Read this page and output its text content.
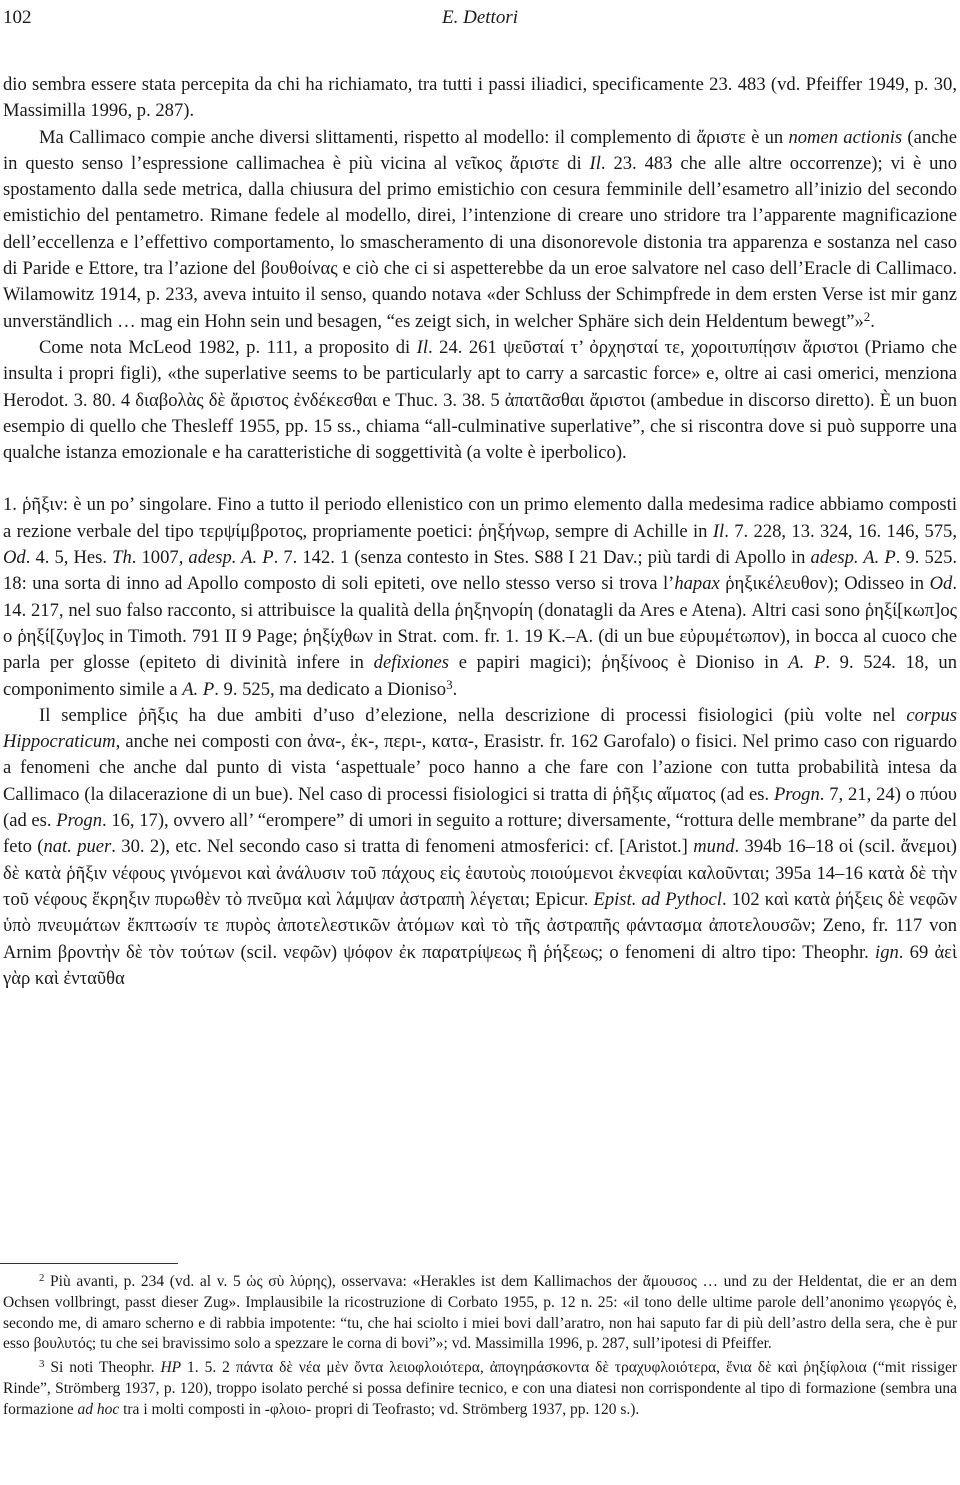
102	E. Dettori

dio sembra essere stata percepita da chi ha richiamato, tra tutti i passi iliadici, specificamente 23. 483 (vd. Pfeiffer 1949, p. 30, Massimilla 1996, p. 287).

Ma Callimaco compie anche diversi slittamenti, rispetto al modello: il complemento di ἄριστε è un nomen actionis (anche in questo senso l’espressione callimachea è più vicina al νεῖκος ἄριστε di Il. 23. 483 che alle altre occorrenze); vi è uno spostamento dalla sede metrica, dalla chiusura del primo emistichio con cesura femminile dell’esametro all’inizio del secondo emistichio del pentametro. Rimane fedele al modello, direi, l’intenzione di creare uno stridore tra l’apparente magnificazione dell’eccellenza e l’effettivo comportamento, lo smascheramento di una disonorevole distonia tra apparenza e sostanza nel caso di Paride e Ettore, tra l’azione del βουθοίνας e ciò che ci si aspetterebbe da un eroe salvatore nel caso dell’Eracle di Callimaco. Wilamowitz 1914, p. 233, aveva intuito il senso, quando notava «der Schluss der Schimpfrede in dem ersten Verse ist mir ganz unverständlich … mag ein Hohn sein und besagen, “es zeigt sich, in welcher Sphäre sich dein Heldentum bewegt”»$^2$.

Come nota McLeod 1982, p. 111, a proposito di Il. 24. 261 ψεῦσταί τ’ ὀρχησταί τε, χοροιτυπίῃσιν ἄριστοι (Priamo che insulta i propri figli), «the superlative seems to be particularly apt to carry a sarcastic force» e, oltre ai casi omerici, menziona Herodot. 3. 80. 4 διαβολὰς δὲ ἄριστος ἐνδέκεσθαι e Thuc. 3. 38. 5 ἀπατᾶσθαι ἄριστοι (ambedue in discorso diretto). È un buon esempio di quello che Thesleff 1955, pp. 15 ss., chiama “all-culminative superlative”, che si riscontra dove si può supporre una qualche istanza emozionale e ha caratteristiche di soggettività (a volte è iperbolico).

1. ῥῆξιν: è un po’ singolare. Fino a tutto il periodo ellenistico con un primo elemento dalla medesima radice abbiamo composti a rezione verbale del tipo τερψίμβροτος, propriamente poetici: ῥηξήνωρ, sempre di Achille in Il. 7. 228, 13. 324, 16. 146, 575, Od. 4. 5, Hes. Th. 1007, adesp. A. P. 7. 142. 1 (senza contesto in Stes. S88 I 21 Dav.; più tardi di Apollo in adesp. A. P. 9. 525. 18: una sorta di inno ad Apollo composto di soli epiteti, ove nello stesso verso si trova l’hapax ῥηξικέλευθον); Odisseo in Od. 14. 217, nel suo falso racconto, si attribuisce la qualità della ῥηξηνορίη (donatagli da Ares e Atena). Altri casi sono ῥηξί[κωπ]ος o ῥηξί[ζυγ]ος in Timoth. 791 II 9 Page; ῥηξίχθων in Strat. com. fr. 1. 19 K.–A. (di un bue εὐρυμέτωπον), in bocca al cuoco che parla per glosse (epiteto di divinità infere in defixiones e papiri magici); ῥηξίνοος è Dioniso in A. P. 9. 524. 18, un componimento simile a A. P. 9. 525, ma dedicato a Dioniso$^3$.

Il semplice ῥῆξις ha due ambiti d’uso d’elezione, nella descrizione di processi fisiologici (più volte nel corpus Hippocraticum, anche nei composti con ἀνα-, ἐκ-, περι-, κατα-, Erasistr. fr. 162 Garofalo) o fisici. Nel primo caso con riguardo a fenomeni che anche dal punto di vista ‘aspettuale’ poco hanno a che fare con l’azione con tutta probabilità intesa da Callimaco (la dilacerazione di un bue). Nel caso di processi fisiologici si tratta di ῥῆξις αἵματος (ad es. Progn. 7, 21, 24) o πύου (ad es. Progn. 16, 17), ovvero all’ “erompere” di umori in seguito a rotture; diversamente, “rottura delle membrane” da parte del feto (nat. puer. 30. 2), etc. Nel secondo caso si tratta di fenomeni atmosferici: cf. [Aristot.] mund. 394b 16–18 οἱ (scil. ἄνεμοι) δὲ κατὰ ῥῆξιν νέφους γινόμενοι καὶ ἀνάλυσιν τοῦ πάχους εἰς ἑαυτοὺς ποιούμενοι ἐκνεφίαι καλοῦνται; 395a 14–16 κατὰ δὲ τὴν τοῦ νέφους ἔκρηξιν πυρωθὲν τὸ πνεῦμα καὶ λάμψαν ἀστραπὴ λέγεται; Epicur. Epist. ad Pythocl. 102 καὶ κατὰ ῥήξεις δὲ νεφῶν ὑπὸ πνευμάτων ἔκπτωσίν τε πυρὸς ἀποτελεστικῶν ἀτόμων καὶ τὸ τῆς ἀστραπῆς φάντασμα ἀποτελουσῶν; Zeno, fr. 117 von Arnim βροντὴν δὲ τὸν τούτων (scil. νεφῶν) ψόφον ἐκ παρατρίψεως ἢ ῥήξεως; o fenomeni di altro tipo: Theophr. ign. 69 ἀεὶ γὰρ καὶ ἐνταῦθα

$^2$ Più avanti, p. 234 (vd. al v. 5 ὡς σὺ λύρης), osservava: «Herakles ist dem Kallimachos der ἄμουσος … und zu der Heldentat, die er an dem Ochsen vollbringt, passt dieser Zug». Implausibile la ricostruzione di Corbato 1955, p. 12 n. 25: «il tono delle ultime parole dell’anonimo γεωργός è, secondo me, di amaro scherno e di rabbia impotente: “tu, che hai sciolto i miei bovi dall’aratro, non hai saputo far di più dell’astro della sera, che è pur esso βουλυτός; tu che sei bravissimo solo a spezzare le corna di bovi”»; vd. Massimilla 1996, p. 287, sull’ipotesi di Pfeiffer.

$^3$ Si noti Theophr. HP 1. 5. 2 πάντα δὲ νέα μὲν ὄντα λειοφλοιότερα, ἀπογηράσκοντα δὲ τραχυφλοιότερα, ἔνια δὲ καὶ ῥηξίφλοια (“mit rissiger Rinde”, Strömberg 1937, p. 120), troppo isolato perché si possa definire tecnico, e con una diatesi non corrispondente al tipo di formazione (sembra una formazione ad hoc tra i molti composti in -φλοιο- propri di Teofrasto; vd. Strömberg 1937, pp. 120 s.).
